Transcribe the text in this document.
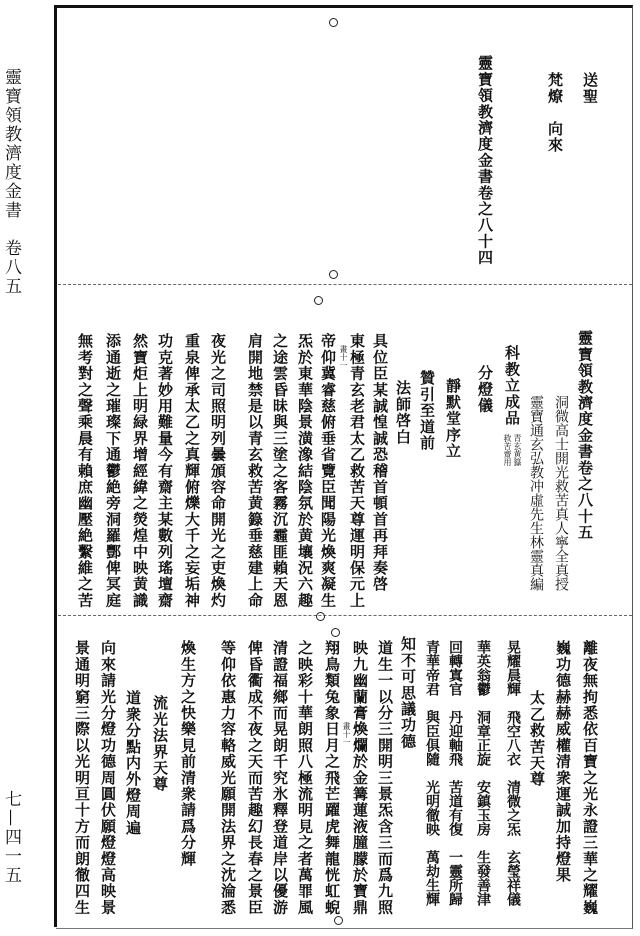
靈寶領教濟度金書　卷八五
七—四一五
送聖
梵燎　向來
靈寶領教濟度金書卷之八十四
靈寶領教濟度金書卷之八十五
洞微高士開光救苦真人寧全真授
靈寶通玄弘教冲虛先生林靈真編
科教立成品
青玄黄籙
救苦齋用
分燈儀
靜默堂序立
贊引至道前
法師啓白
具位臣某誠惶誠恐稽首頓首再拜奏啓
東極青玄老君太乙救苦天尊運明保元上
帝仰冀睿慈俯垂省覽臣聞陽光煥爽凝生
炁於東華陰景潢潒結陰氛於黄壤況六趣
之途雲昏昧與三塗之客霧沉霾匪賴天恩
肩開地禁是以青玄救苦黄籙垂慈建上命
夜光之司照明列曇頒容命開光之吏煥灼
重泉俾承太乙之真輝俯爍大千之妄垢神
功克著妙用難量今有齋主某數列瑤壇齋
然寶炬上明緑界增經緯之熒煌中映黄識
添通逝之璀璨下通鬱絶旁洞羅酆俾冥庭
無考對之聲乘晨有賴庶幽壓絶繫維之苦	畫十一
離夜無拘悉依百寶之光永證三華之耀巍
巍功德赫赫威權清衆運誠加持燈果
太乙救苦天尊
晃耀晨輝　飛空八衣　清微之炁　玄瑩祥儀
華英翁鬱　洞章正旋　安鎮玉房　生發善津
回轉寘官　丹迎軸飛　苦道有復　一靈所歸
青華帝君　與臣俱隨　光明徹映　萬劫生輝
知不可思議功德
道生一以分三開明三景炁含三而爲九照
映九幽蘭膏煥爛於金篝蓮液朣朦於寶鼎
翔鳥類兔象日月之飛芒躍虎舞龍恍虹蜺
之映彩十華朗照八極流明見之者萬罪風
清證福鄉而晃朗千究氷釋登道岸以優游
俾昏衢成不夜之天而苦趣幻長春之景臣
等仰依惠力容輅威光願開法界之沈淪悉
煥生方之快樂見前清衆請爲分輝
流光法界天尊
道衆分點内外燈周遍
向來請光分燈功德周圓伏願燈燈高映景
景通明窮三際以光明亘十方而朗徹四生	畫十一
